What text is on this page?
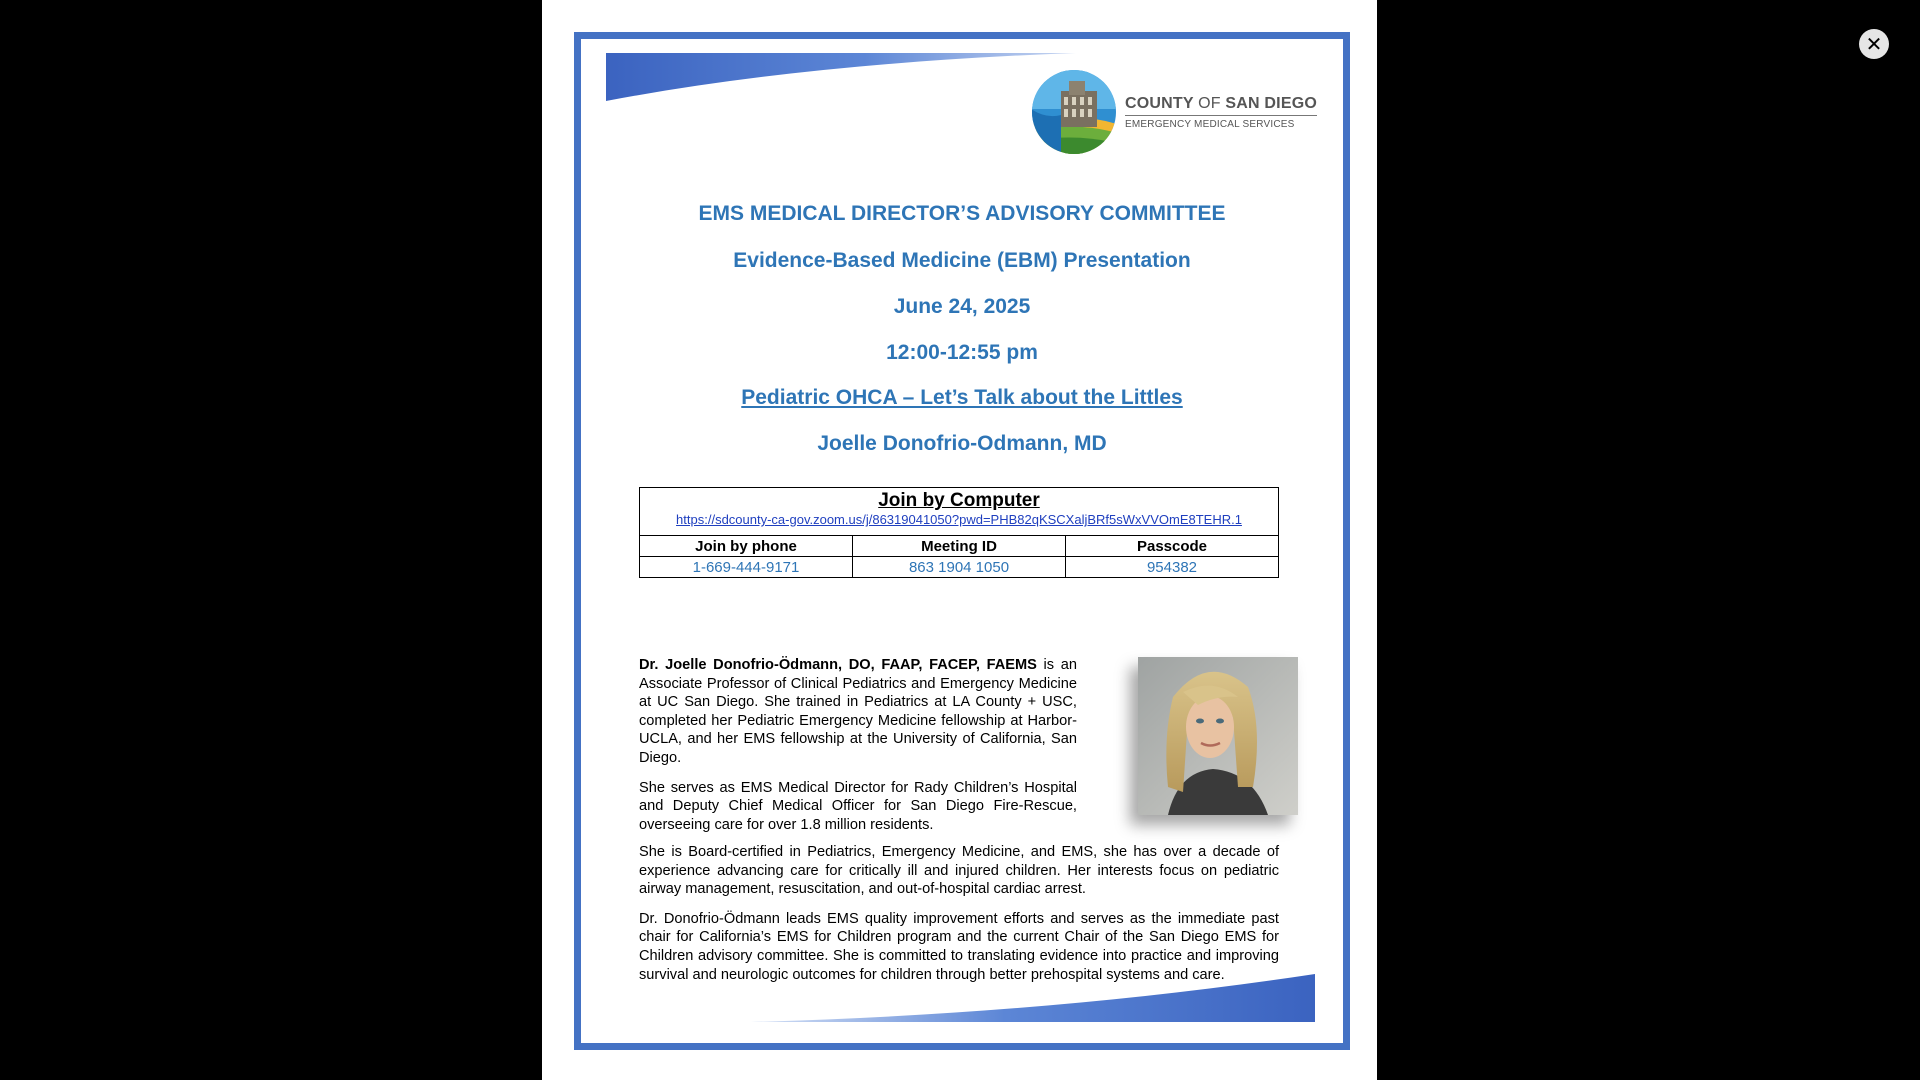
✕
COUNTY OF SAN DIEGO
EMERGENCY MEDICAL SERVICES
EMS MEDICAL DIRECTOR’S ADVISORY COMMITTEE
Evidence-Based Medicine (EBM) Presentation
June 24, 2025
12:00-12:55 pm
Pediatric OHCA – Let’s Talk about the Littles
Joelle Donofrio-Odmann, MD
Join by Computer		
https://sdcounty-ca-gov.zoom.us/j/86319041050?pwd=PHB82qKSCXaljBRf5sWxVVOmE8TEHR.1		
Join by phone	Meeting ID	Passcode
1-669-444-9171	863 1904 1050	954382

Dr. Joelle Donofrio-Ödmann, DO, FAAP, FACEP, FAEMS is an Associate Professor of Clinical Pediatrics and Emergency Medicine at UC San Diego. She trained in Pediatrics at LA County + USC, completed her Pediatric Emergency Medicine fellowship at Harbor-UCLA, and her EMS fellowship at the University of California, San Diego.

She serves as EMS Medical Director for Rady Children’s Hospital and Deputy Chief Medical Officer for San Diego Fire-Rescue, overseeing care for over 1.8 million residents.

She is Board-certified in Pediatrics, Emergency Medicine, and EMS, she has over a decade of experience advancing care for critically ill and injured children. Her interests focus on pediatric airway management, resuscitation, and out-of-hospital cardiac arrest.

Dr. Donofrio-Ödmann leads EMS quality improvement efforts and serves as the immediate past chair for California’s EMS for Children program and the current Chair of the San Diego EMS for Children advisory committee. She is committed to translating evidence into practice and improving survival and neurologic outcomes for children through better prehospital systems and care.
